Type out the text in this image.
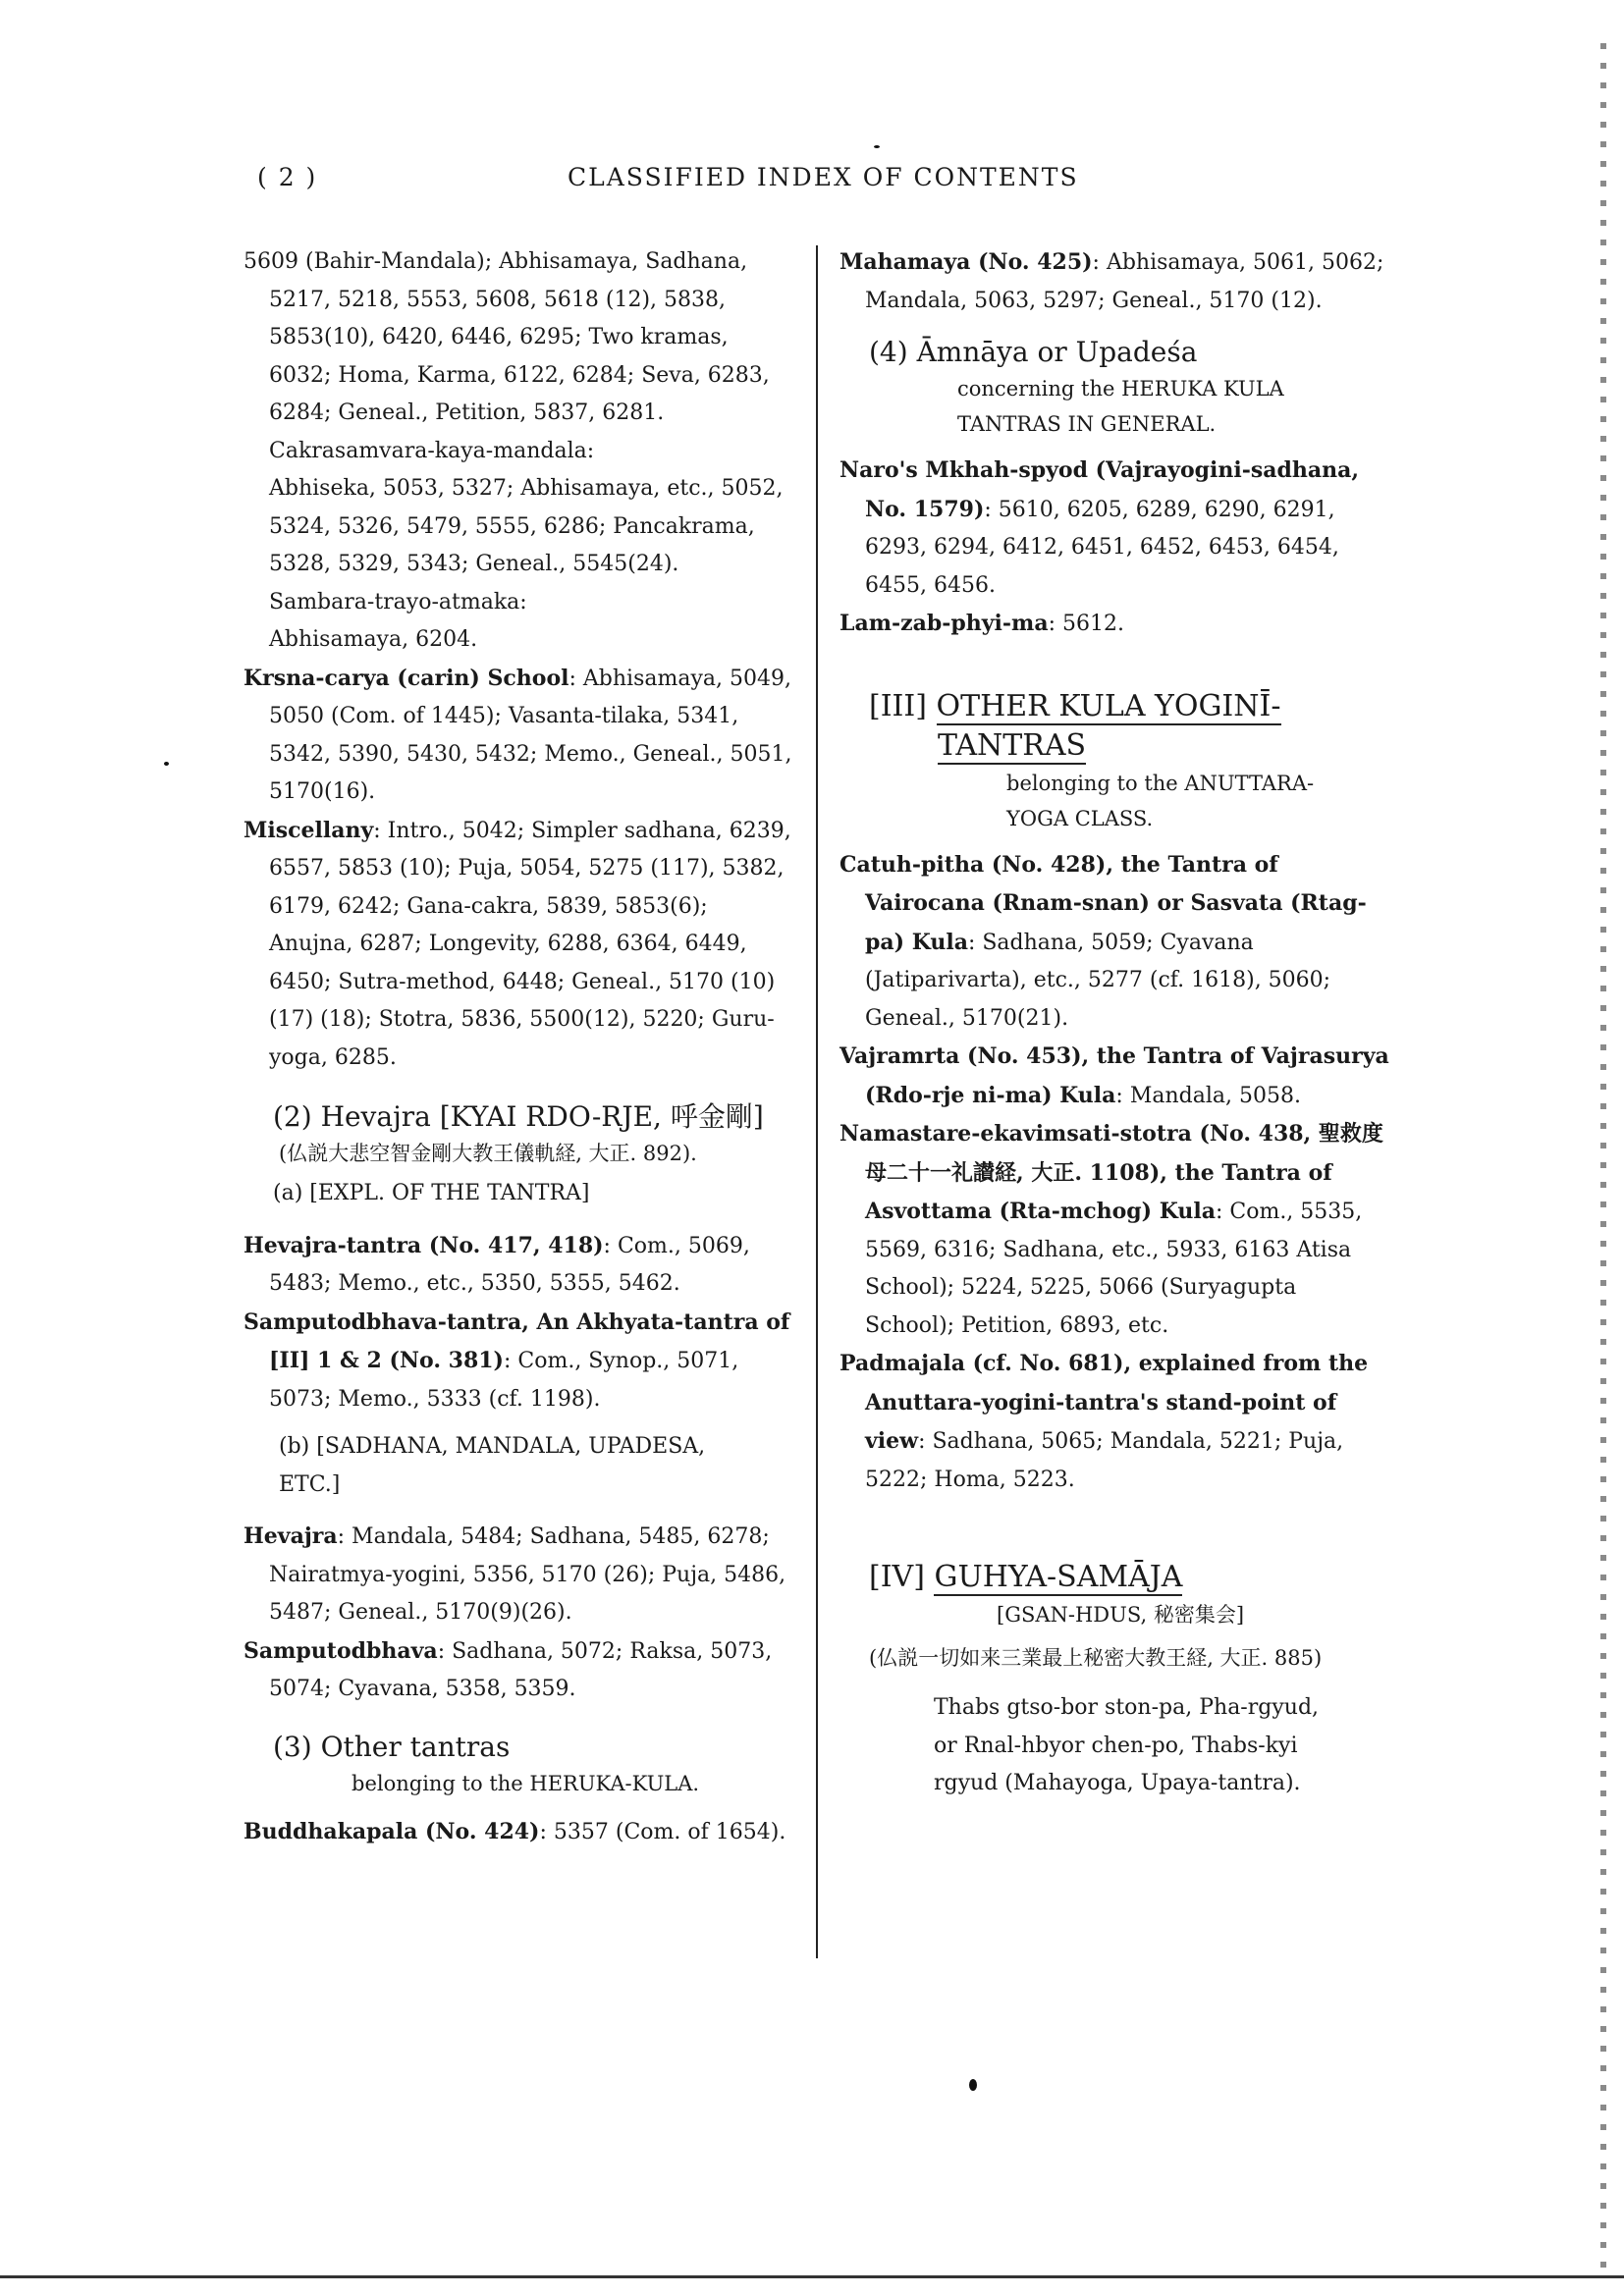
( 2 )	CLASSIFIED INDEX OF CONTENTS

5609 (Bahir-Mandala); Abhisamaya, Sadhana, 5217, 5218, 5553, 5608, 5618 (12), 5838, 5853(10), 6420, 6446, 6295; Two kramas, 6032; Homa, Karma, 6122, 6284; Seva, 6283, 6284; Geneal., Petition, 5837, 6281.

Cakrasamvara-kaya-mandala:

Abhiseka, 5053, 5327; Abhisamaya, etc., 5052, 5324, 5326, 5479, 5555, 6286; Pancakrama, 5328, 5329, 5343; Geneal., 5545(24).

Sambara-trayo-atmaka:

Abhisamaya, 6204.

Krsna-carya (carin) School: Abhisamaya, 5049, 5050 (Com. of 1445); Vasanta-tilaka, 5341, 5342, 5390, 5430, 5432; Memo., Geneal., 5051, 5170(16).

Miscellany: Intro., 5042; Simpler sadhana, 6239, 6557, 5853 (10); Puja, 5054, 5275 (117), 5382, 6179, 6242; Gana-cakra, 5839, 5853(6); Anujna, 6287; Longevity, 6288, 6364, 6449, 6450; Sutra-method, 6448; Geneal., 5170 (10) (17) (18); Stotra, 5836, 5500(12), 5220; Guru-yoga, 6285.

(2) Hevajra [KYAI RDO-RJE, 呼金剛]
(仏説大悲空智金剛大教王儀軌経, 大正. 892).
(a) [EXPL. OF THE TANTRA]

Hevajra-tantra (No. 417, 418): Com., 5069, 5483; Memo., etc., 5350, 5355, 5462.

Samputodbhava-tantra, An Akhyata-tantra of [II] 1 & 2 (No. 381): Com., Synop., 5071, 5073; Memo., 5333 (cf. 1198).

(b) [SADHANA, MANDALA, UPADESA, ETC.]

Hevajra: Mandala, 5484; Sadhana, 5485, 6278; Nairatmya-yogini, 5356, 5170 (26); Puja, 5486, 5487; Geneal., 5170(9)(26).

Samputodbhava: Sadhana, 5072; Raksa, 5073, 5074; Cyavana, 5358, 5359.

(3) Other tantras
belonging to the HERUKA-KULA.

Buddhakapala (No. 424): 5357 (Com. of 1654).

Mahamaya (No. 425): Abhisamaya, 5061, 5062; Mandala, 5063, 5297; Geneal., 5170 (12).

(4) Āmnāya or Upadeśa
concerning the HERUKA KULA
TANTRAS IN GENERAL.

Naro's Mkhah-spyod (Vajrayogini-sadhana, No. 1579): 5610, 6205, 6289, 6290, 6291, 6293, 6294, 6412, 6451, 6452, 6453, 6454, 6455, 6456.

Lam-zab-phyi-ma: 5612.

[III] OTHER KULA YOGINĪ-
TANTRAS
belonging to the ANUTTARA-
YOGA CLASS.

Catuh-pitha (No. 428), the Tantra of Vairocana (Rnam-snan) or Sasvata (Rtag-pa) Kula: Sadhana, 5059; Cyavana (Jatiparivarta), etc., 5277 (cf. 1618), 5060; Geneal., 5170(21).

Vajramrta (No. 453), the Tantra of Vajrasurya (Rdo-rje ni-ma) Kula: Mandala, 5058.

Namastare-ekavimsati-stotra (No. 438, 聖救度母二十一礼讃経, 大正. 1108), the Tantra of Asvottama (Rta-mchog) Kula: Com., 5535, 5569, 6316; Sadhana, etc., 5933, 6163 Atisa School); 5224, 5225, 5066 (Suryagupta School); Petition, 6893, etc.

Padmajala (cf. No. 681), explained from the Anuttara-yogini-tantra's stand-point of view: Sadhana, 5065; Mandala, 5221; Puja, 5222; Homa, 5223.

[IV] GUHYA-SAMĀJA
[GSAN-HDUS, 秘密集会]
(仏説一切如来三業最上秘密大教王経, 大正. 885)
Thabs gtso-bor ston-pa, Pha-rgyud,
or Rnal-hbyor chen-po, Thabs-kyi
rgyud (Mahayoga, Upaya-tantra).
